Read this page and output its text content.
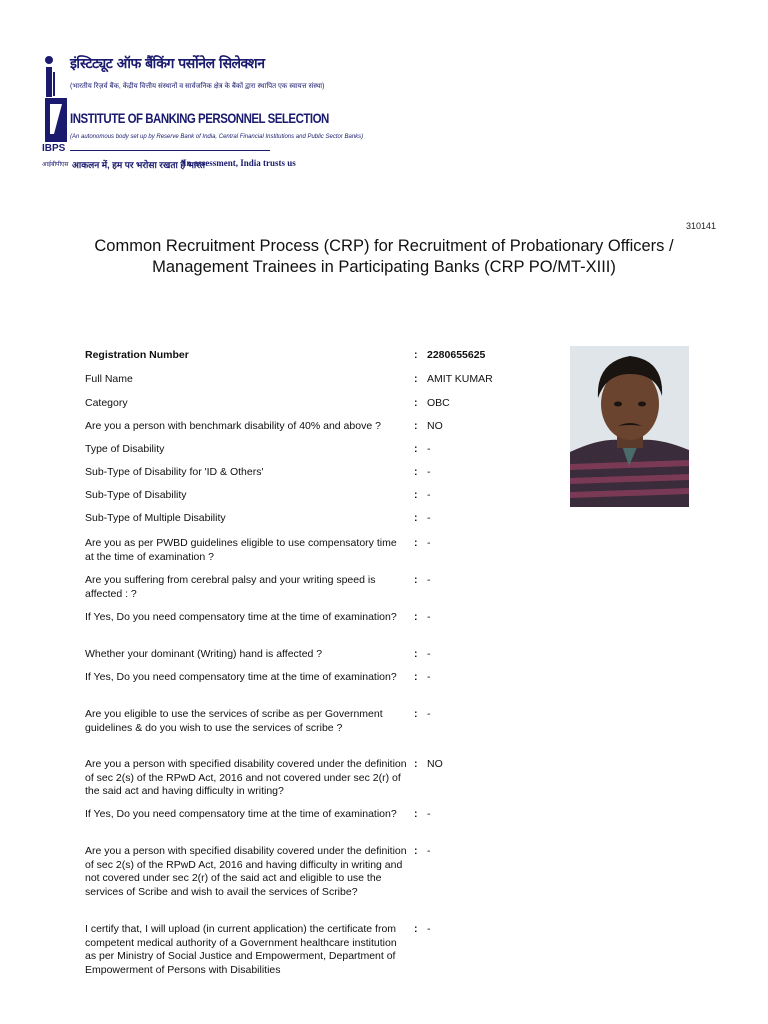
इंस्टिट्यूट ऑफ बैंकिंग पर्सोनेल सिलेक्शन
(भारतीय रिज़र्व बैंक, केंद्रीय वित्तीय संस्थानों व सार्वजनिक क्षेत्र के बैंकों द्वारा स्थापित एक स्वायत्त संस्था)
INSTITUTE OF BANKING PERSONNEL SELECTION
(An autonomous body set up by Reserve Bank of India, Central Financial Institutions and Public Sector Banks)
आकलन में, हम पर भरोसा रखता है भारत
In assessment, India trusts us
IBPS
आईबीपीएस
310141
Common Recruitment Process (CRP) for Recruitment of Probationary Officers /
Management Trainees in Participating Banks (CRP PO/MT-XIII)
Registration Number	: 2280655625
Full Name	: AMIT KUMAR
Category	: OBC
Are you a person with benchmark disability of 40% and above ?	: NO
Type of Disability	: -
Sub-Type of Disability for 'ID & Others'	: -
Sub-Type of Disability	: -
Sub-Type of Multiple Disability	: -
Are you as per PWBD guidelines eligible to use compensatory time at the time of examination ?
: -
Are you suffering from cerebral palsy and your writing speed is affected : ?
: -
If Yes, Do you need compensatory time at the time of examination?	: -
Whether your dominant (Writing) hand is affected ?	: -
If Yes, Do you need compensatory time at the time of examination?	: -
Are you eligible to use the services of scribe as per Government guidelines & do you wish to use the services of scribe ?
: -
Are you a person with specified disability covered under the definition of sec 2(s) of the RPwD Act, 2016 and not covered under sec 2(r) of the said act and having difficulty in writing?
: NO
If Yes, Do you need compensatory time at the time of examination?	: -
Are you a person with specified disability covered under the definition of sec 2(s) of the RPwD Act, 2016 and having difficulty in writing and not covered under sec 2(r) of the said act and eligible to use the services of Scribe and wish to avail the services of Scribe?
: -
I certify that, I will upload (in current application) the certificate from competent medical authority of a Government healthcare institution as per Ministry of Social Justice and Empowerment, Department of Empowerment of Persons with Disabilities
: -
